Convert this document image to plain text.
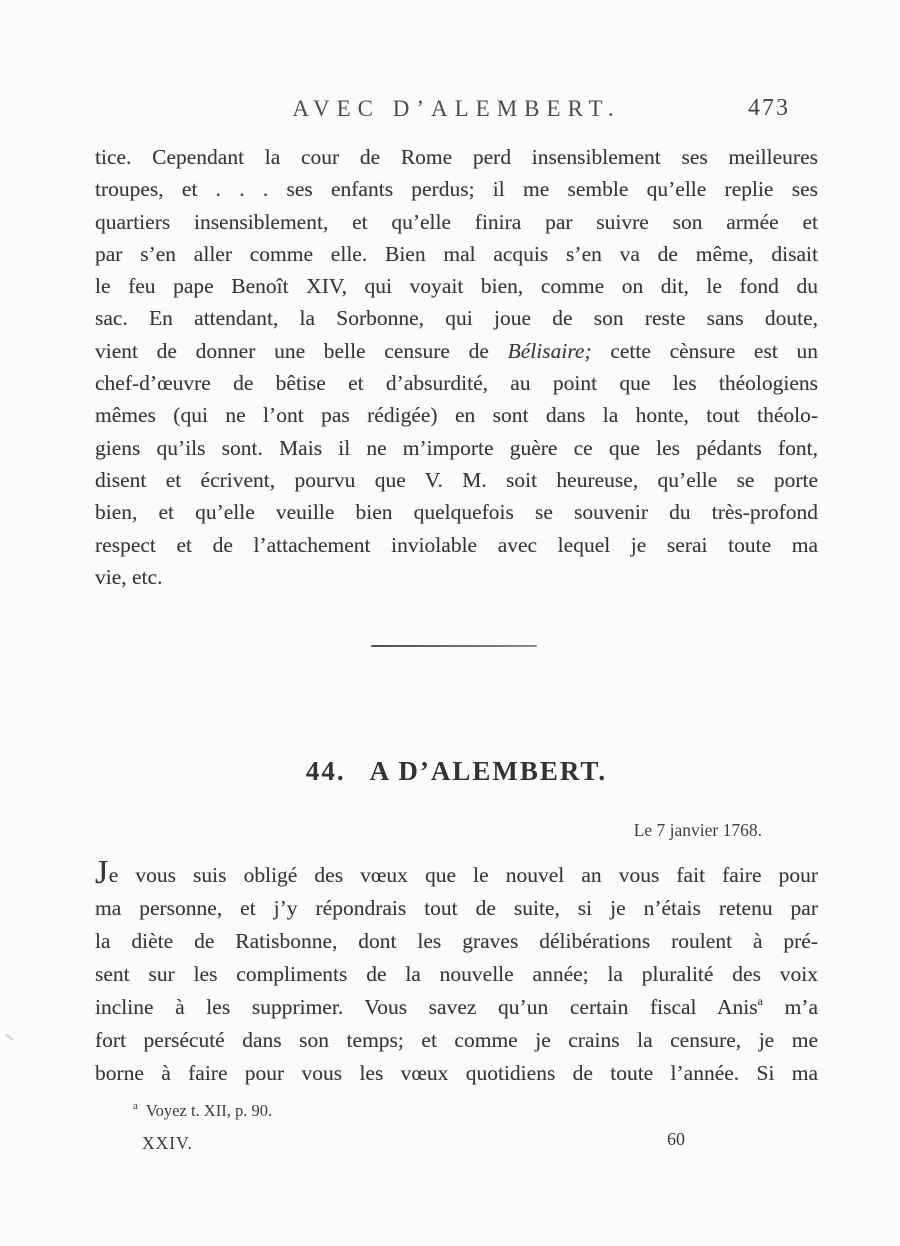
AVEC D’ALEMBERT.	473
tice. Cependant la cour de Rome perd insensiblement ses meilleures
troupes, et . . . ses enfants perdus; il me semble qu’elle replie ses
quartiers insensiblement, et qu’elle finira par suivre son armée et
par s’en aller comme elle. Bien mal acquis s’en va de même, disait
le feu pape Benoît XIV, qui voyait bien, comme on dit, le fond du
sac. En attendant, la Sorbonne, qui joue de son reste sans doute,
vient de donner une belle censure de Bélisaire; cette cènsure est un
chef-d’œuvre de bêtise et d’absurdité, au point que les théologiens
mêmes (qui ne l’ont pas rédigée) en sont dans la honte, tout théolo-
giens qu’ils sont. Mais il ne m’importe guère ce que les pédants font,
disent et écrivent, pourvu que V. M. soit heureuse, qu’elle se porte
bien, et qu’elle veuille bien quelquefois se souvenir du très-profond
respect et de l’attachement inviolable avec lequel je serai toute ma
vie, etc.
44. A D’ALEMBERT.
Le 7 janvier 1768.
Je vous suis obligé des vœux que le nouvel an vous fait faire pour
ma personne, et j’y répondrais tout de suite, si je n’étais retenu par
la diète de Ratisbonne, dont les graves délibérations roulent à pré-
sent sur les compliments de la nouvelle année; la pluralité des voix
incline à les supprimer. Vous savez qu’un certain fiscal Anis$^a$ m’a
fort persécuté dans son temps; et comme je crains la censure, je me
borne à faire pour vous les vœux quotidiens de toute l’année. Si ma
$^a$ Voyez t. XII, p. 90.
XXIV.	60
